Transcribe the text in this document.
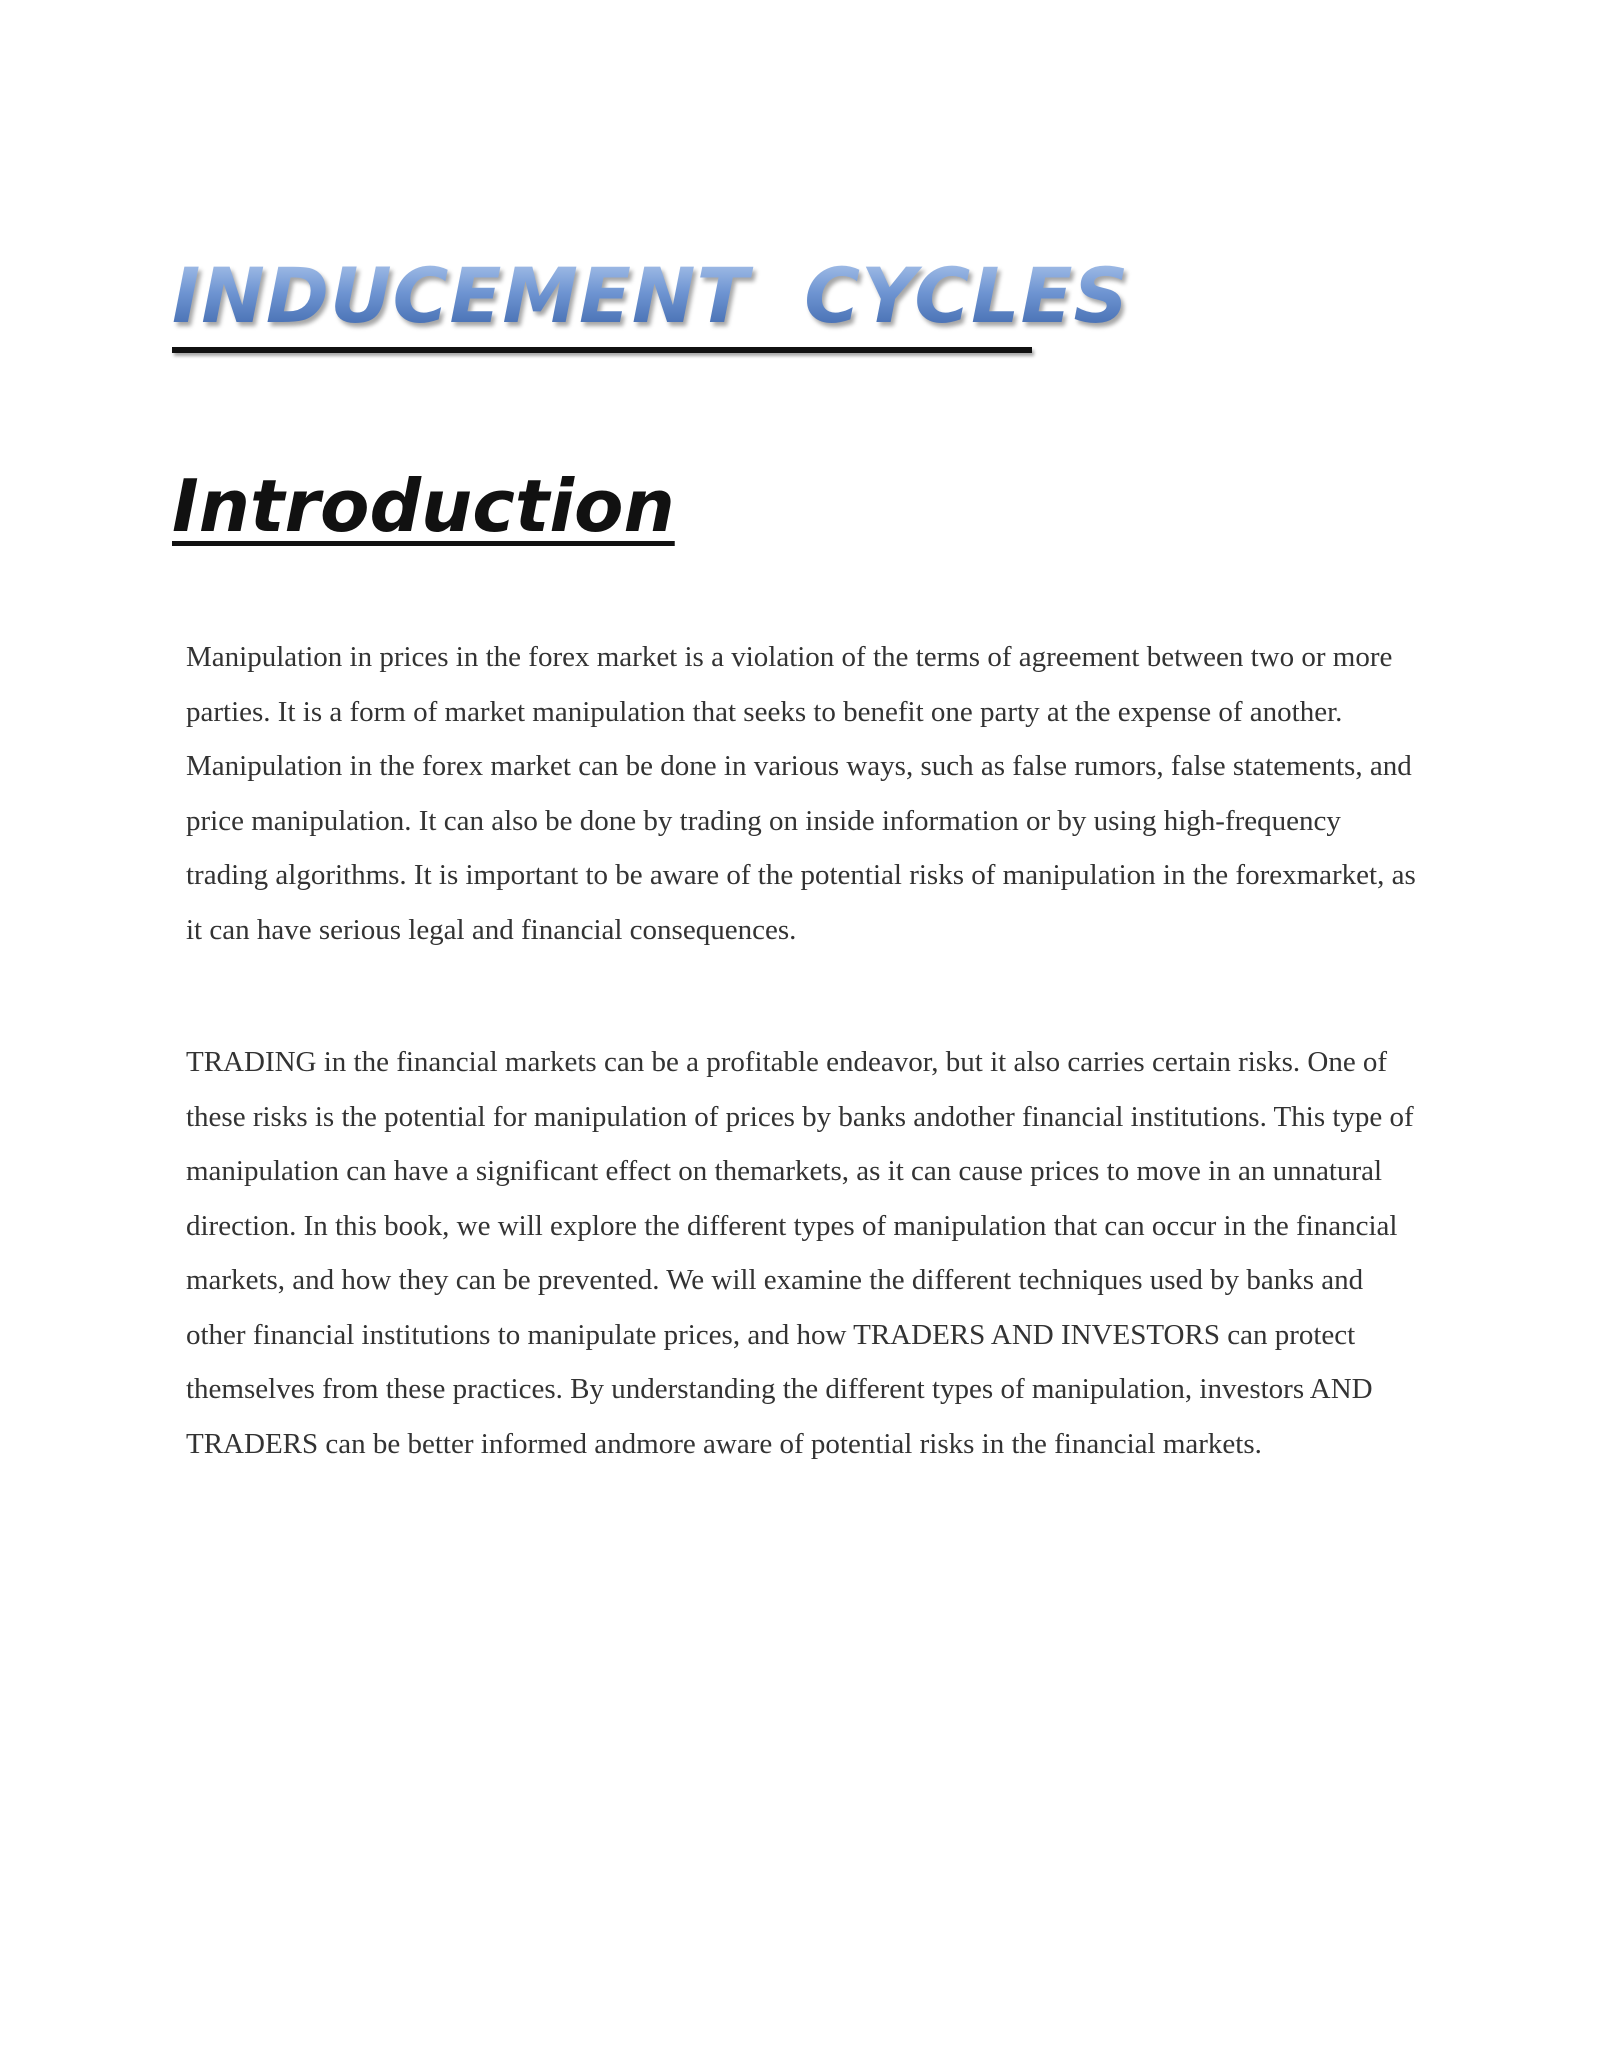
INDUCEMENT  CYCLES
Introduction

Manipulation in prices in the forex market is a violation of the terms of agreement between two or more parties. It is a form of market manipulation that seeks to benefit one party at the expense of another. Manipulation in the forex market can be done in various ways, such as false rumors, false statements, and price manipulation. It can also be done by trading on inside information or by using high-frequency trading algorithms. It is important to be aware of the potential risks of manipulation in the forexmarket, as it can have serious legal and financial consequences.

TRADING in the financial markets can be a profitable endeavor, but it also carries certain risks. One of these risks is the potential for manipulation of prices by banks andother financial institutions. This type of manipulation can have a significant effect on themarkets, as it can cause prices to move in an unnatural direction. In this book, we will explore the different types of manipulation that can occur in the financial markets, and how they can be prevented. We will examine the different techniques used by banks and other financial institutions to manipulate prices, and how TRADERS AND INVESTORS can protect themselves from these practices. By understanding the different types of manipulation, investors AND TRADERS can be better informed andmore aware of potential risks in the financial markets.
